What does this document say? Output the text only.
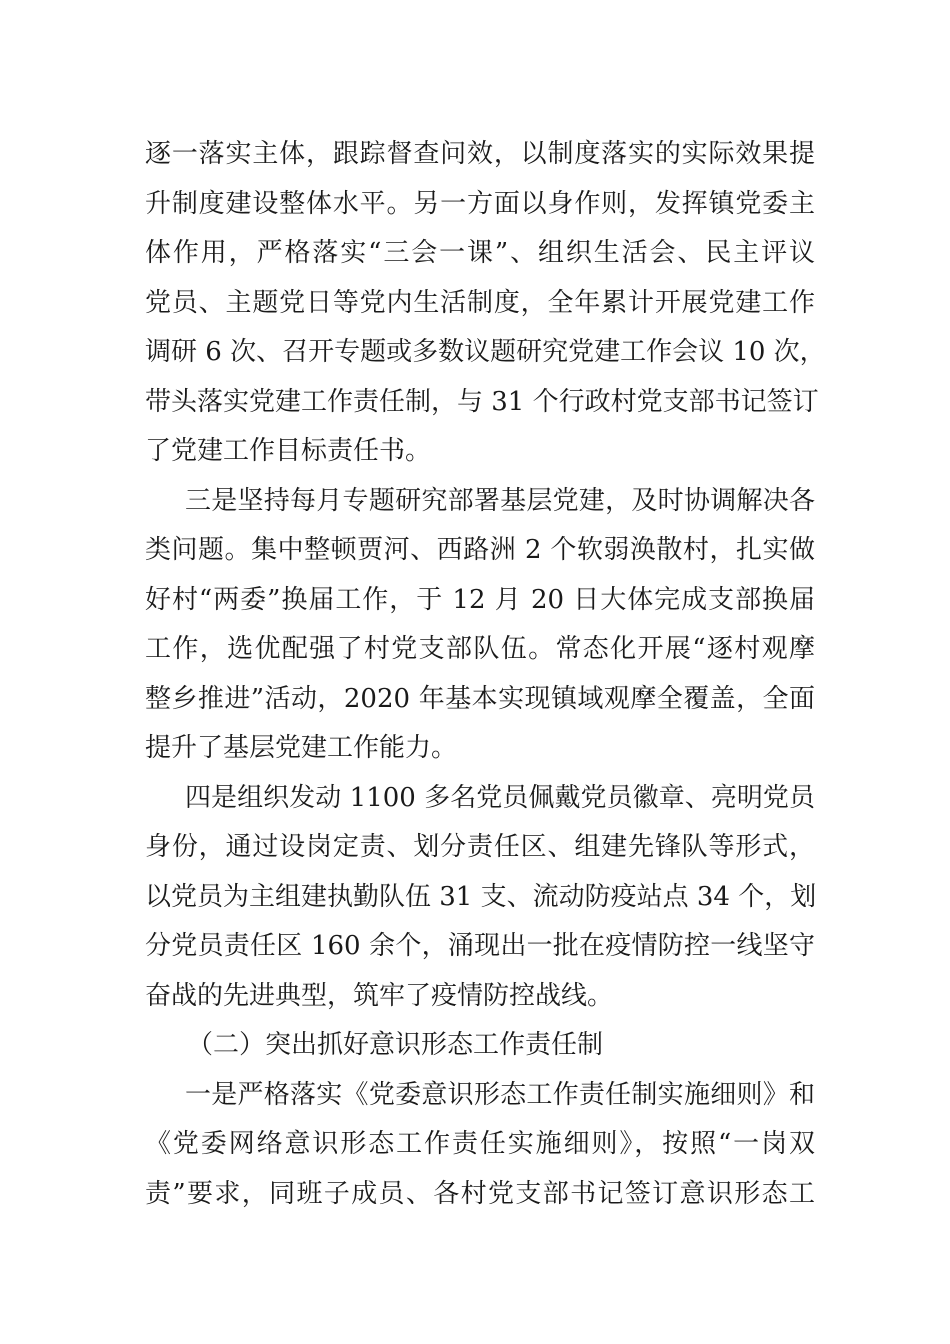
逐一落实主体，跟踪督查问效，以制度落实的实际效果提
升制度建设整体水平。另一方面以身作则，发挥镇党委主
体作用，严格落实“三会一课”、组织生活会、民主评议
党员、主题党日等党内生活制度，全年累计开展党建工作
调研 6 次、召开专题或多数议题研究党建工作会议 10 次，
带头落实党建工作责任制，与 31 个行政村党支部书记签订
了党建工作目标责任书。
三是坚持每月专题研究部署基层党建，及时协调解决各
类问题。集中整顿贾河、西路洲 2 个软弱涣散村，扎实做
好村“两委”换届工作，于 12 月 20 日大体完成支部换届
工作，选优配强了村党支部队伍。常态化开展“逐村观摩
整乡推进”活动，2020 年基本实现镇域观摩全覆盖，全面
提升了基层党建工作能力。
四是组织发动 1100 多名党员佩戴党员徽章、亮明党员
身份，通过设岗定责、划分责任区、组建先锋队等形式，
以党员为主组建执勤队伍 31 支、流动防疫站点 34 个，划
分党员责任区 160 余个，涌现出一批在疫情防控一线坚守
奋战的先进典型，筑牢了疫情防控战线。
（二）突出抓好意识形态工作责任制
一是严格落实《党委意识形态工作责任制实施细则》和
《党委网络意识形态工作责任实施细则》，按照“一岗双
责”要求，同班子成员、各村党支部书记签订意识形态工
